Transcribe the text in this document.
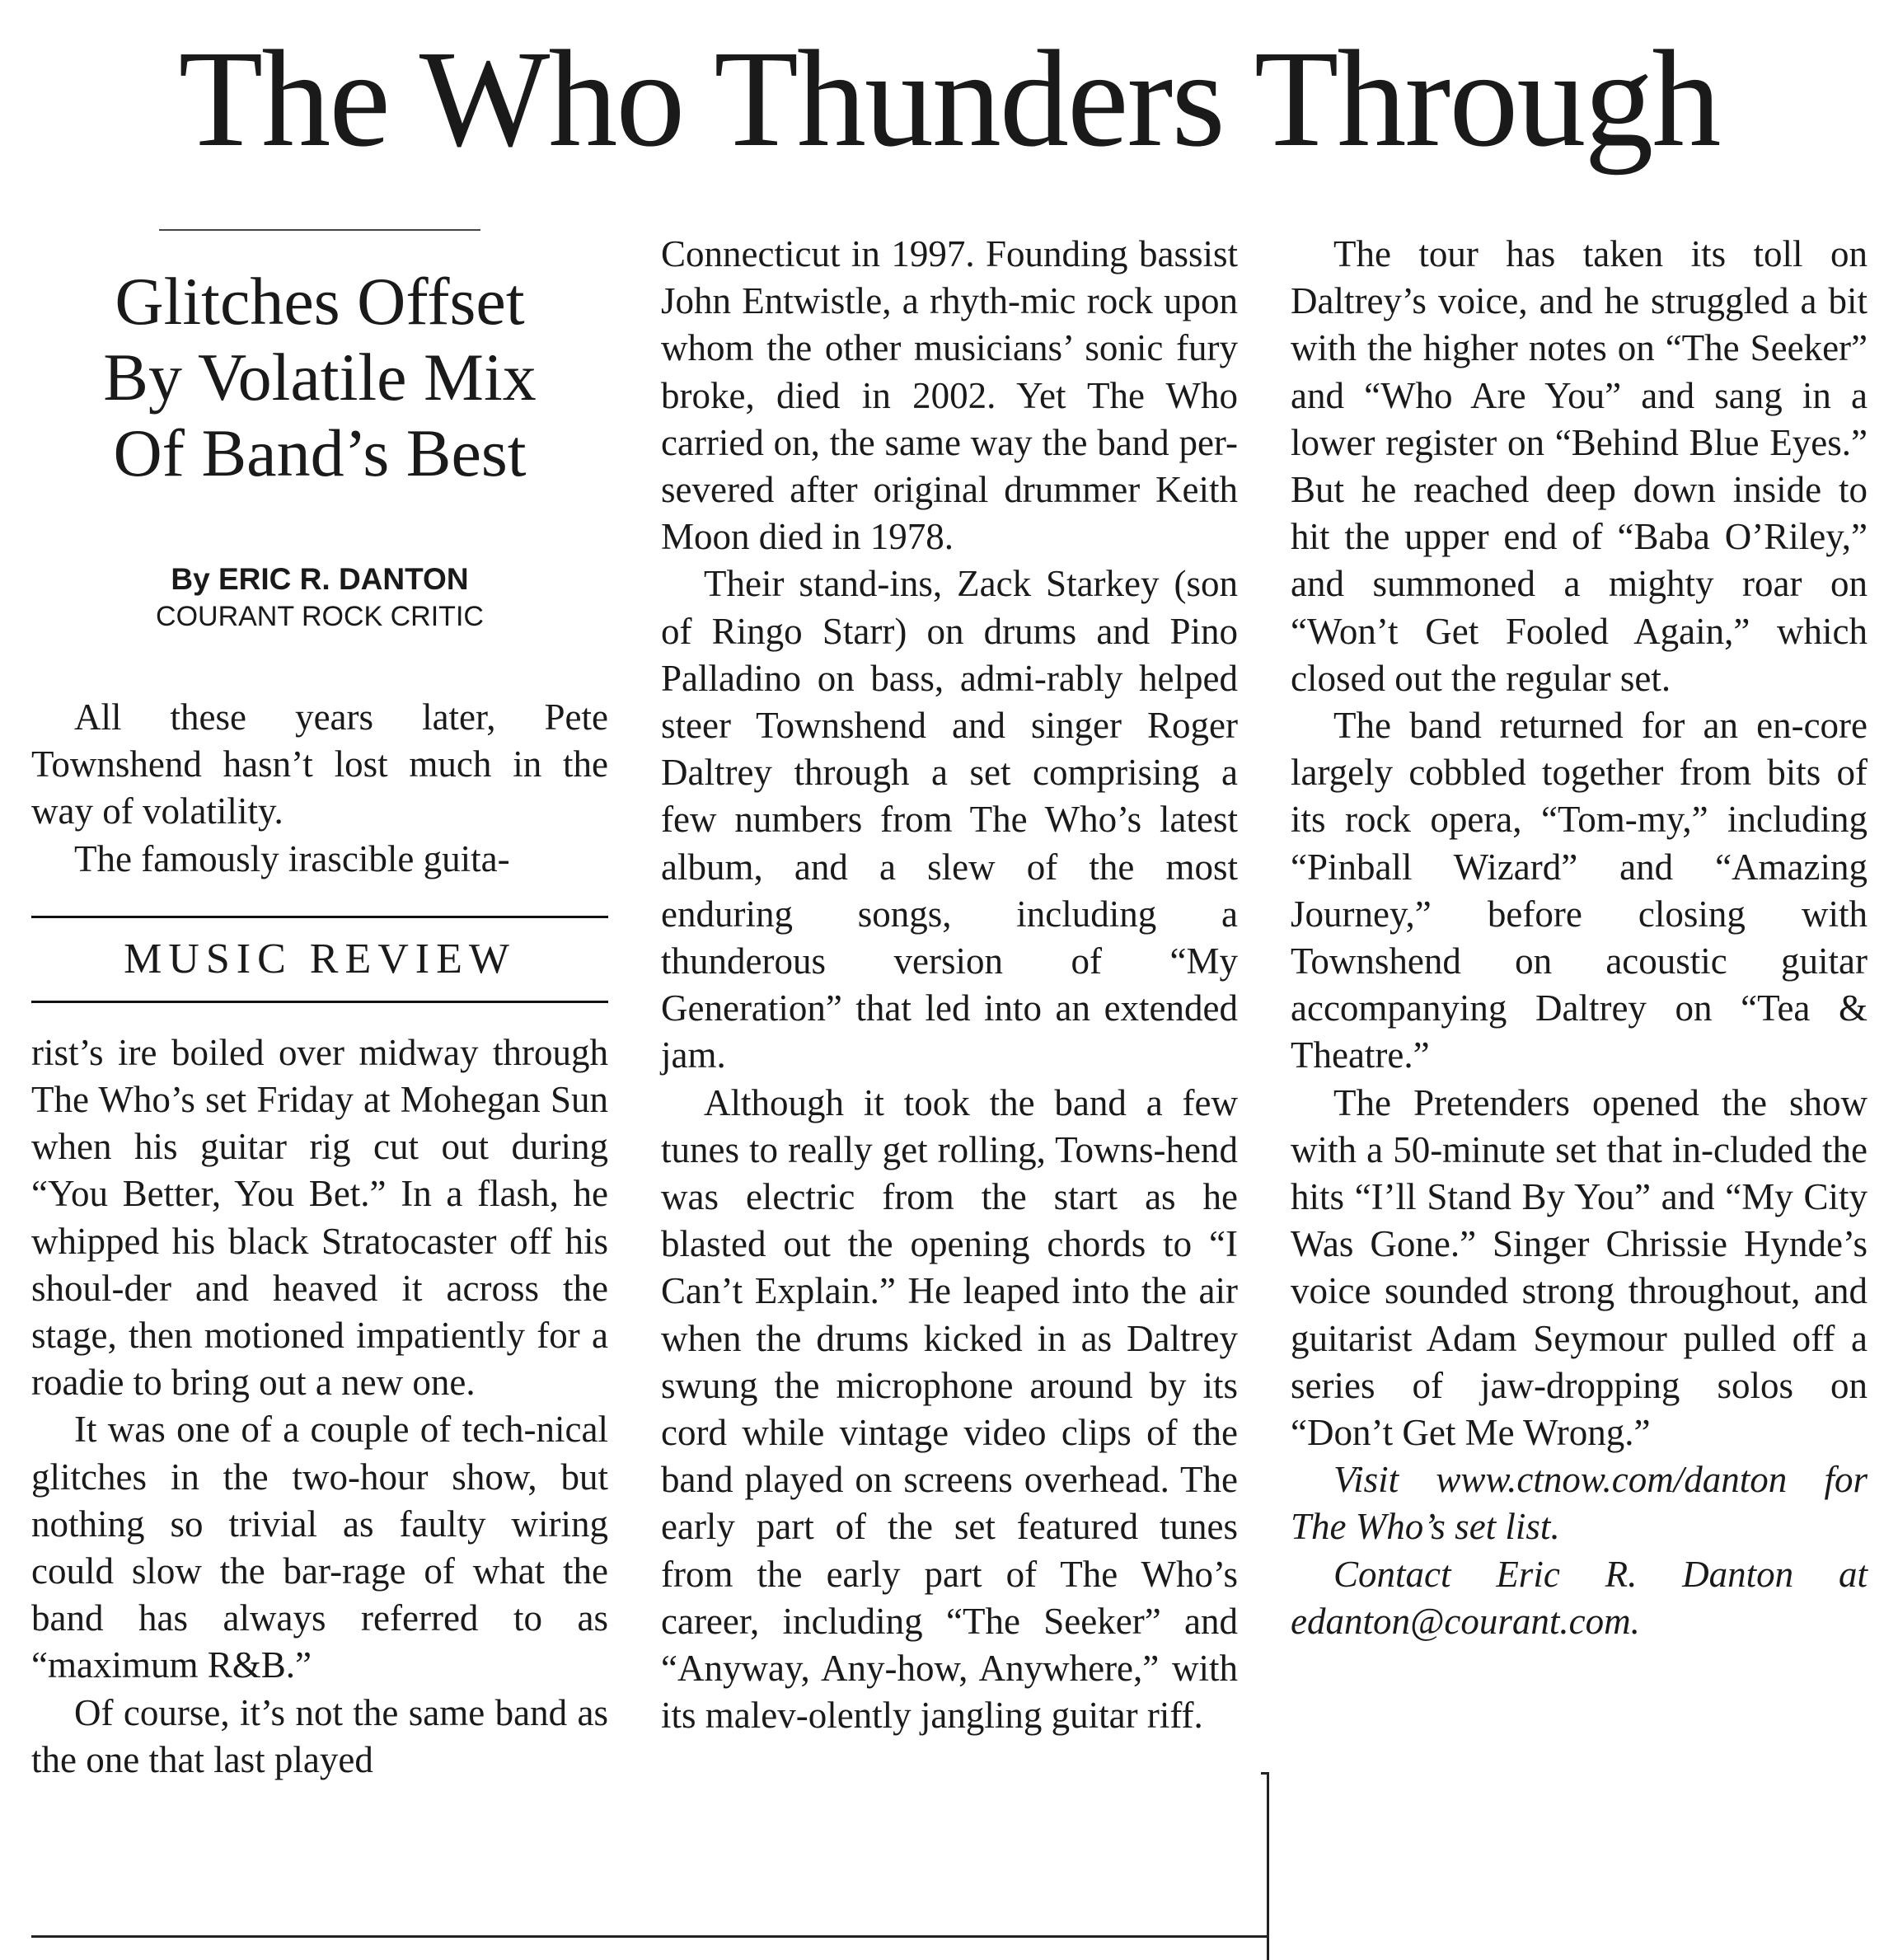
The Who Thunders Through
Glitches Offset
By Volatile Mix
Of Band’s Best
By ERIC R. DANTON
COURANT ROCK CRITIC

All these years later, Pete Townshend hasn’t lost much in the way of volatility.

The famously irascible guita-

MUSIC REVIEW

rist’s ire boiled over midway through The Who’s set Friday at Mohegan Sun when his guitar rig cut out during “You Better, You Bet.” In a flash, he whipped his black Stratocaster off his shoul-der and heaved it across the stage, then motioned impatiently for a roadie to bring out a new one.

It was one of a couple of tech-nical glitches in the two-hour show, but nothing so trivial as faulty wiring could slow the bar-rage of what the band has always referred to as “maximum R&B.”

Of course, it’s not the same band as the one that last played

Connecticut in 1997. Founding bassist John Entwistle, a rhyth-mic rock upon whom the other musicians’ sonic fury broke, died in 2002. Yet The Who carried on, the same way the band per-severed after original drummer Keith Moon died in 1978.

Their stand-ins, Zack Starkey (son of Ringo Starr) on drums and Pino Palladino on bass, admi-rably helped steer Townshend and singer Roger Daltrey through a set comprising a few numbers from The Who’s latest album, and a slew of the most enduring songs, including a thunderous version of “My Generation” that led into an extended jam.

Although it took the band a few tunes to really get rolling, Towns-hend was electric from the start as he blasted out the opening chords to “I Can’t Explain.” He leaped into the air when the drums kicked in as Daltrey swung the microphone around by its cord while vintage video clips of the band played on screens overhead. The early part of the set featured tunes from the early part of The Who’s career, including “The Seeker” and “Anyway, Any-how, Anywhere,” with its malev-olently jangling guitar riff.

The tour has taken its toll on Daltrey’s voice, and he struggled a bit with the higher notes on “The Seeker” and “Who Are You” and sang in a lower register on “Behind Blue Eyes.” But he reached deep down inside to hit the upper end of “Baba O’Riley,” and summoned a mighty roar on “Won’t Get Fooled Again,” which closed out the regular set.

The band returned for an en-core largely cobbled together from bits of its rock opera, “Tom-my,” including “Pinball Wizard” and “Amazing Journey,” before closing with Townshend on acoustic guitar accompanying Daltrey on “Tea & Theatre.”

The Pretenders opened the show with a 50-minute set that in-cluded the hits “I’ll Stand By You” and “My City Was Gone.” Singer Chrissie Hynde’s voice sounded strong throughout, and guitarist Adam Seymour pulled off a series of jaw-dropping solos on “Don’t Get Me Wrong.”

Visit www.ctnow.com/danton for The Who’s set list.

Contact Eric R. Danton at edanton@courant.com.
